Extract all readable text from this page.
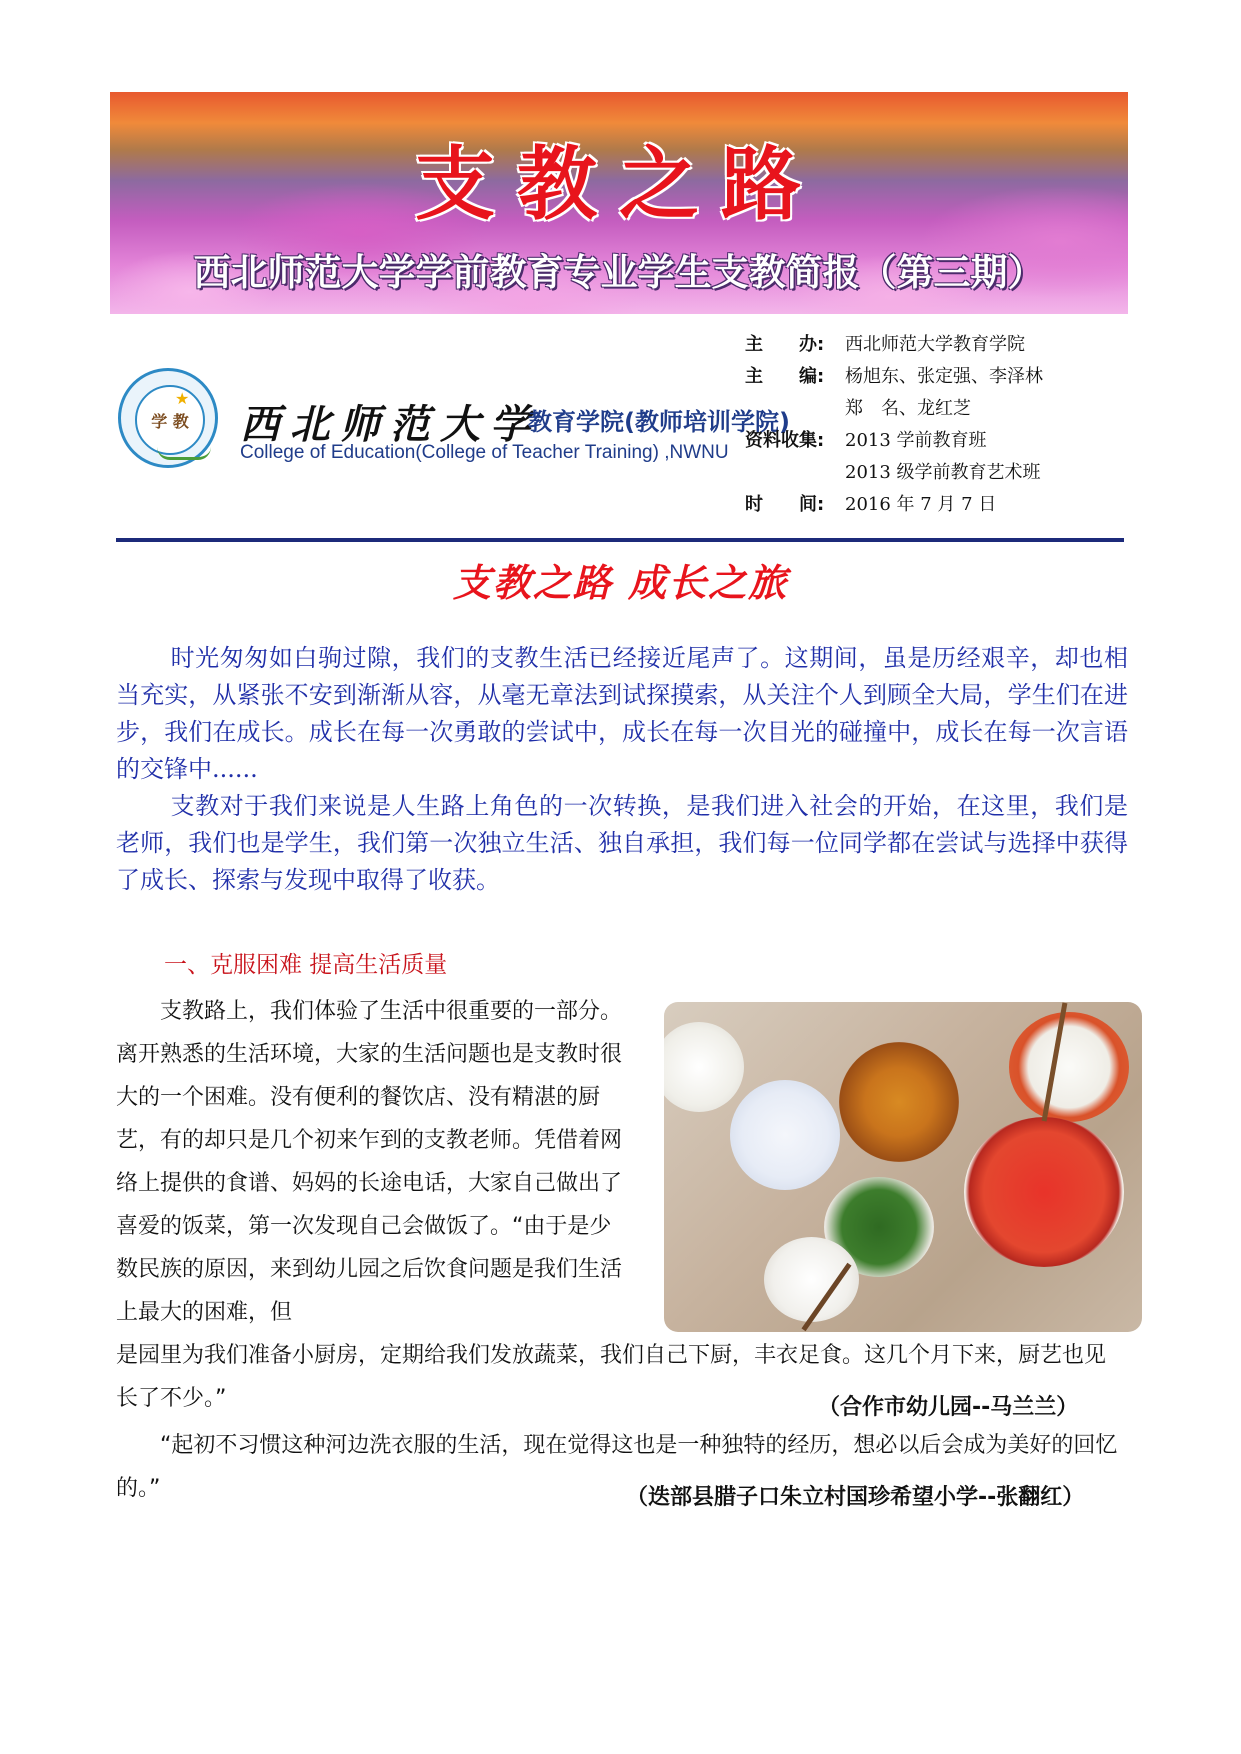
支教之路
西北师范大学学前教育专业学生支教简报（第三期）
★
学 教	西北师范大学
教育学院(教师培训学院)
College of Education(College of Teacher Training) ,NWNU
主　　办:	西北师范大学教育学院
主　　编: 杨旭东、张定强、李泽林
郑　名、龙红芝
资料收集: 2013 学前教育班
2013 级学前教育艺术班
时　　间: 2016 年 7 月 7 日
支教之路 成长之旅

时光匆匆如白驹过隙，我们的支教生活已经接近尾声了。这期间，虽是历经艰辛，却也相当充实，从紧张不安到渐渐从容，从毫无章法到试探摸索，从关注个人到顾全大局，学生们在进步，我们在成长。成长在每一次勇敢的尝试中，成长在每一次目光的碰撞中，成长在每一次言语的交锋中......

支教对于我们来说是人生路上角色的一次转换，是我们进入社会的开始，在这里，我们是老师，我们也是学生，我们第一次独立生活、独自承担，我们每一位同学都在尝试与选择中获得了成长、探索与发现中取得了收获。

一、克服困难 提高生活质量

支教路上，我们体验了生活中很重要的一部分。离开熟悉的生活环境，大家的生活问题也是支教时很大的一个困难。没有便利的餐饮店、没有精湛的厨艺，有的却只是几个初来乍到的支教老师。凭借着网络上提供的食谱、妈妈的长途电话，大家自己做出了喜爱的饭菜，第一次发现自己会做饭了。“由于是少数民族的原因，来到幼儿园之后饮食问题是我们生活上最大的困难，但

是园里为我们准备小厨房，定期给我们发放蔬菜，我们自己下厨，丰衣足食。这几个月下来，厨艺也见长了不少。”	（合作市幼儿园--马兰兰）

“起初不习惯这种河边洗衣服的生活，现在觉得这也是一种独特的经历，想必以后会成为美好的回忆的。”	（迭部县腊子口朱立村国珍希望小学--张翻红）
